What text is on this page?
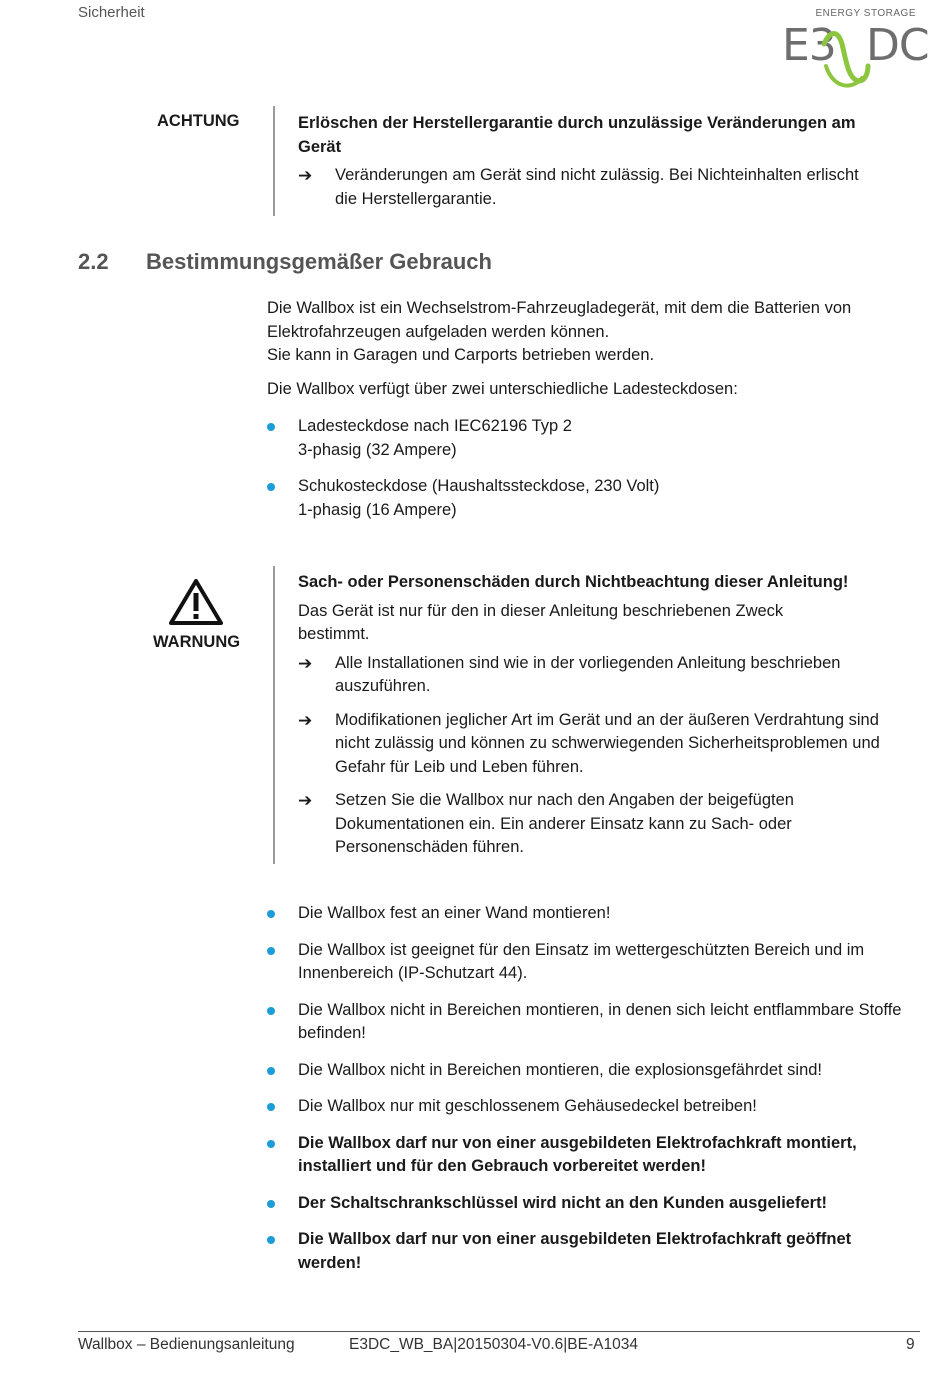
Sicherheit	ENERGY STORAGE
E3 DC
ACHTUNG	Erlöschen der Herstellergarantie durch unzulässige Veränderungen am Gerät
➔	Veränderungen am Gerät sind nicht zulässig. Bei Nichteinhalten erlischt die Herstellergarantie.
2.2 Bestimmungsgemäßer Gebrauch
Die Wallbox ist ein Wechselstrom-Fahrzeugladegerät, mit dem die Batterien von
Elektrofahrzeugen aufgeladen werden können.
Sie kann in Garagen und Carports betrieben werden.
Die Wallbox verfügt über zwei unterschiedliche Ladesteckdosen:
Ladesteckdose nach IEC62196 Typ 2
3-phasig (32 Ampere)
Schukosteckdose (Haushaltssteckdose, 230 Volt)
1-phasig (16 Ampere)
WARNUNG
Sach- oder Personenschäden durch Nichtbeachtung dieser Anleitung!
Das Gerät ist nur für den in dieser Anleitung beschriebenen Zweck bestimmt.
➔	Alle Installationen sind wie in der vorliegenden Anleitung beschrieben auszuführen.
➔	Modifikationen jeglicher Art im Gerät und an der äußeren Verdrahtung sind nicht zulässig und können zu schwerwiegenden Sicherheitsproblemen und Gefahr für Leib und Leben führen.
➔	Setzen Sie die Wallbox nur nach den Angaben der beigefügten Dokumentationen ein. Ein anderer Einsatz kann zu Sach- oder Personenschäden führen.
Die Wallbox fest an einer Wand montieren!
Die Wallbox ist geeignet für den Einsatz im wettergeschützten Bereich und im Innenbereich (IP-Schutzart 44).
Die Wallbox nicht in Bereichen montieren, in denen sich leicht entflammbare Stoffe befinden!
Die Wallbox nicht in Bereichen montieren, die explosionsgefährdet sind!
Die Wallbox nur mit geschlossenem Gehäusedeckel betreiben!
Die Wallbox darf nur von einer ausgebildeten Elektrofachkraft montiert, installiert und für den Gebrauch vorbereitet werden!
Der Schaltschrankschlüssel wird nicht an den Kunden ausgeliefert!
Die Wallbox darf nur von einer ausgebildeten Elektrofachkraft geöffnet werden!
Wallbox – Bedienungsanleitung	E3DC_WB_BA|20150304-V0.6|BE-A1034	9
